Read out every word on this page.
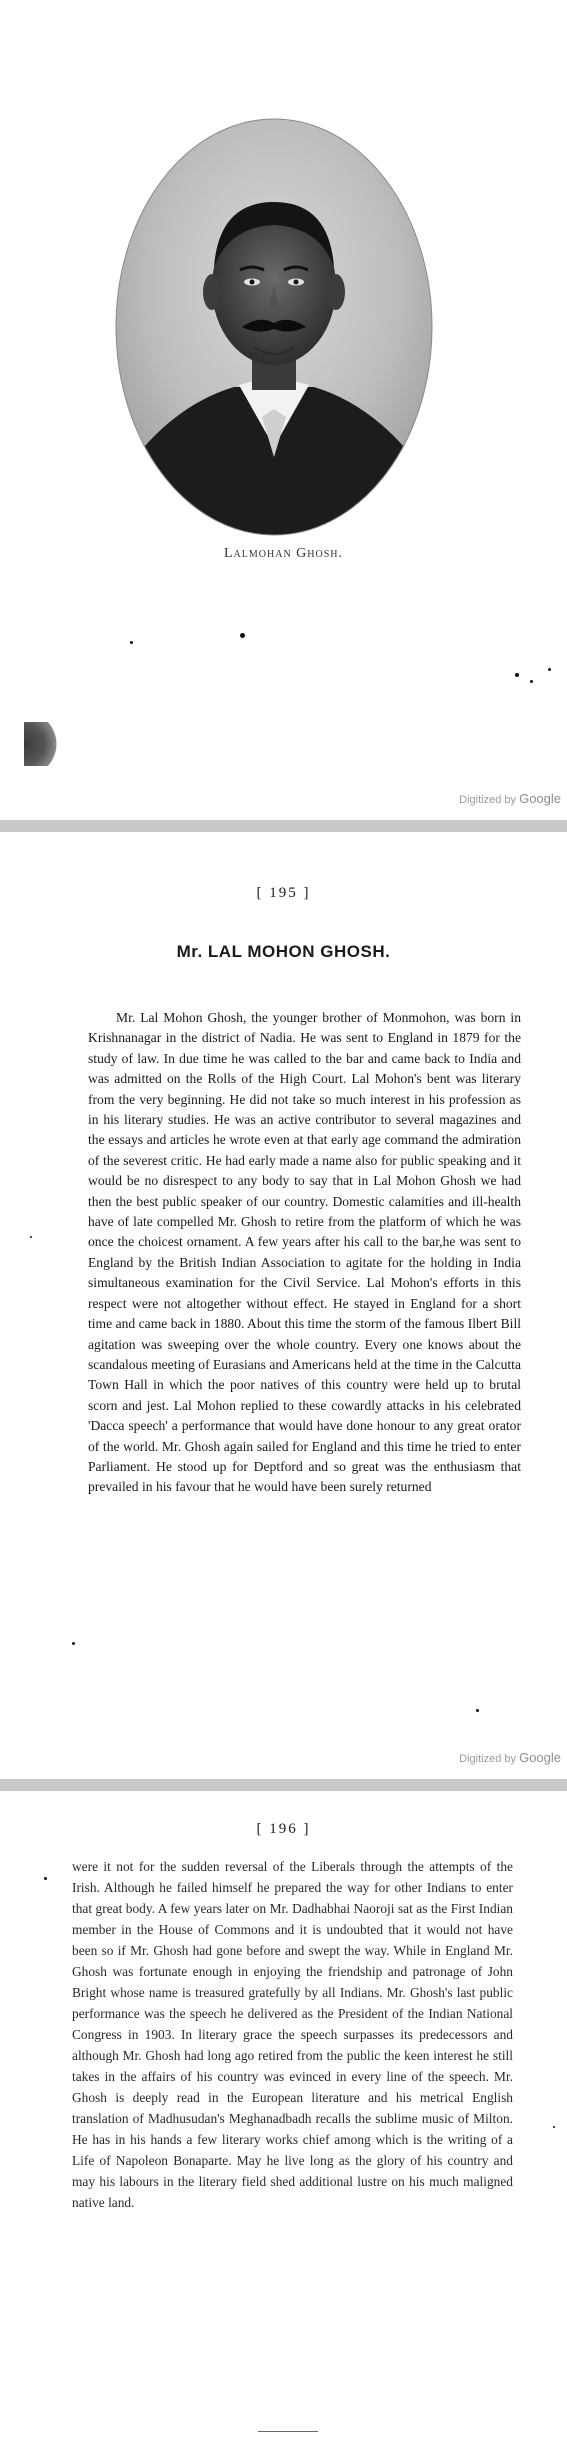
Lalmohan Ghosh.
Digitized by Google
[ 195 ]
Mr. LAL MOHON GHOSH.

Mr. Lal Mohon Ghosh, the younger brother of Monmohon, was born in Krishnanagar in the district of Nadia. He was sent to England in 1879 for the study of law. In due time he was called to the bar and came back to India and was admitted on the Rolls of the High Court. Lal Mohon's bent was literary from the very beginning. He did not take so much interest in his profession as in his literary studies. He was an active contributor to several magazines and the essays and articles he wrote even at that early age command the admiration of the severest critic. He had early made a name also for public speaking and it would be no disrespect to any body to say that in Lal Mohon Ghosh we had then the best public speaker of our country. Domestic calamities and ill-health have of late compelled Mr. Ghosh to retire from the platform of which he was once the choicest ornament. A few years after his call to the bar,he was sent to England by the British Indian Association to agitate for the holding in India simultaneous examination for the Civil Service. Lal Mohon's efforts in this respect were not altogether without effect. He stayed in England for a short time and came back in 1880. About this time the storm of the famous Ilbert Bill agitation was sweeping over the whole country. Every one knows about the scandalous meeting of Eurasians and Americans held at the time in the Calcutta Town Hall in which the poor natives of this country were held up to brutal scorn and jest. Lal Mohon replied to these cowardly attacks in his celebrated 'Dacca speech' a performance that would have done honour to any great orator of the world. Mr. Ghosh again sailed for England and this time he tried to enter Parliament. He stood up for Deptford and so great was the enthusiasm that prevailed in his favour that he would have been surely returned

Digitized by Google
[ 196 ]

were it not for the sudden reversal of the Liberals through the attempts of the Irish. Although he failed himself he prepared the way for other Indians to enter that great body. A few years later on Mr. Dadhabhai Naoroji sat as the First Indian member in the House of Commons and it is undoubted that it would not have been so if Mr. Ghosh had gone before and swept the way. While in England Mr. Ghosh was fortunate enough in enjoying the friendship and patronage of John Bright whose name is treasured gratefully by all Indians. Mr. Ghosh's last public performance was the speech he delivered as the President of the Indian National Congress in 1903. In literary grace the speech surpasses its predecessors and although Mr. Ghosh had long ago retired from the public the keen interest he still takes in the affairs of his country was evinced in every line of the speech. Mr. Ghosh is deeply read in the European literature and his metrical English translation of Madhusudan's Meghanadbadh recalls the sublime music of Milton. He has in his hands a few literary works chief among which is the writing of a Life of Napoleon Bonaparte. May he live long as the glory of his country and may his labours in the literary field shed additional lustre on his much maligned native land.
